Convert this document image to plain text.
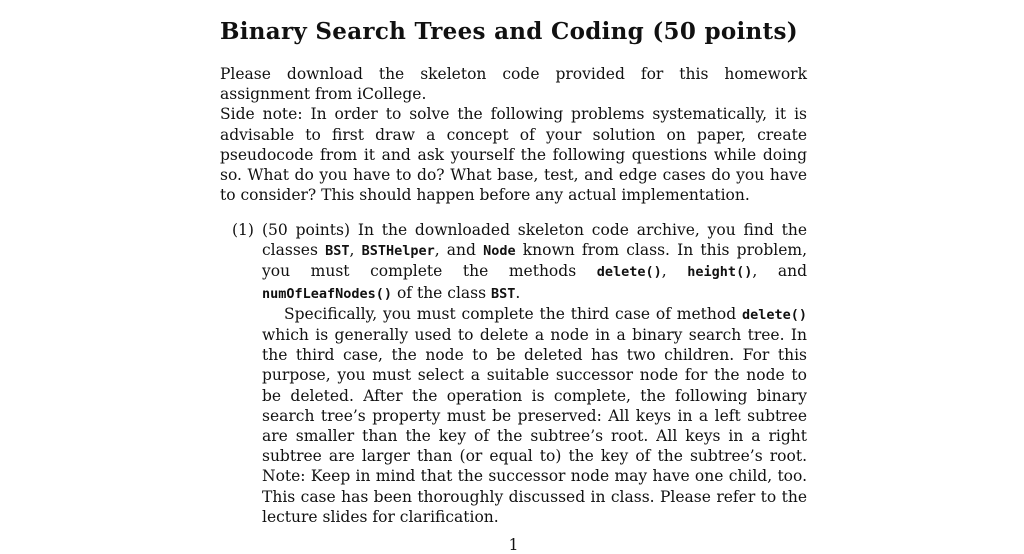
Binary Search Trees and Coding (50 points)

Please download the skeleton code provided for this homework assignment from iCollege.

Side note: In order to solve the following problems systematically, it is advisable to first draw a concept of your solution on paper, create pseudocode from it and ask yourself the following questions while doing so. What do you have to do? What base, test, and edge cases do you have to consider? This should happen before any actual implementation.

(1) (50 points) In the downloaded skeleton code archive, you find the classes BST, BSTHelper, and Node known from class. In this problem, you must complete the methods delete(), height(), and numOfLeafNodes() of the class BST.

Specifically, you must complete the third case of method delete() which is generally used to delete a node in a binary search tree. In the third case, the node to be deleted has two children. For this purpose, you must select a suitable successor node for the node to be deleted. After the operation is complete, the following binary search tree’s property must be preserved: All keys in a left subtree are smaller than the key of the subtree’s root. All keys in a right subtree are larger than (or equal to) the key of the subtree’s root. Note: Keep in mind that the successor node may have one child, too. This case has been thoroughly discussed in class. Please refer to the lecture slides for clarification.

1
